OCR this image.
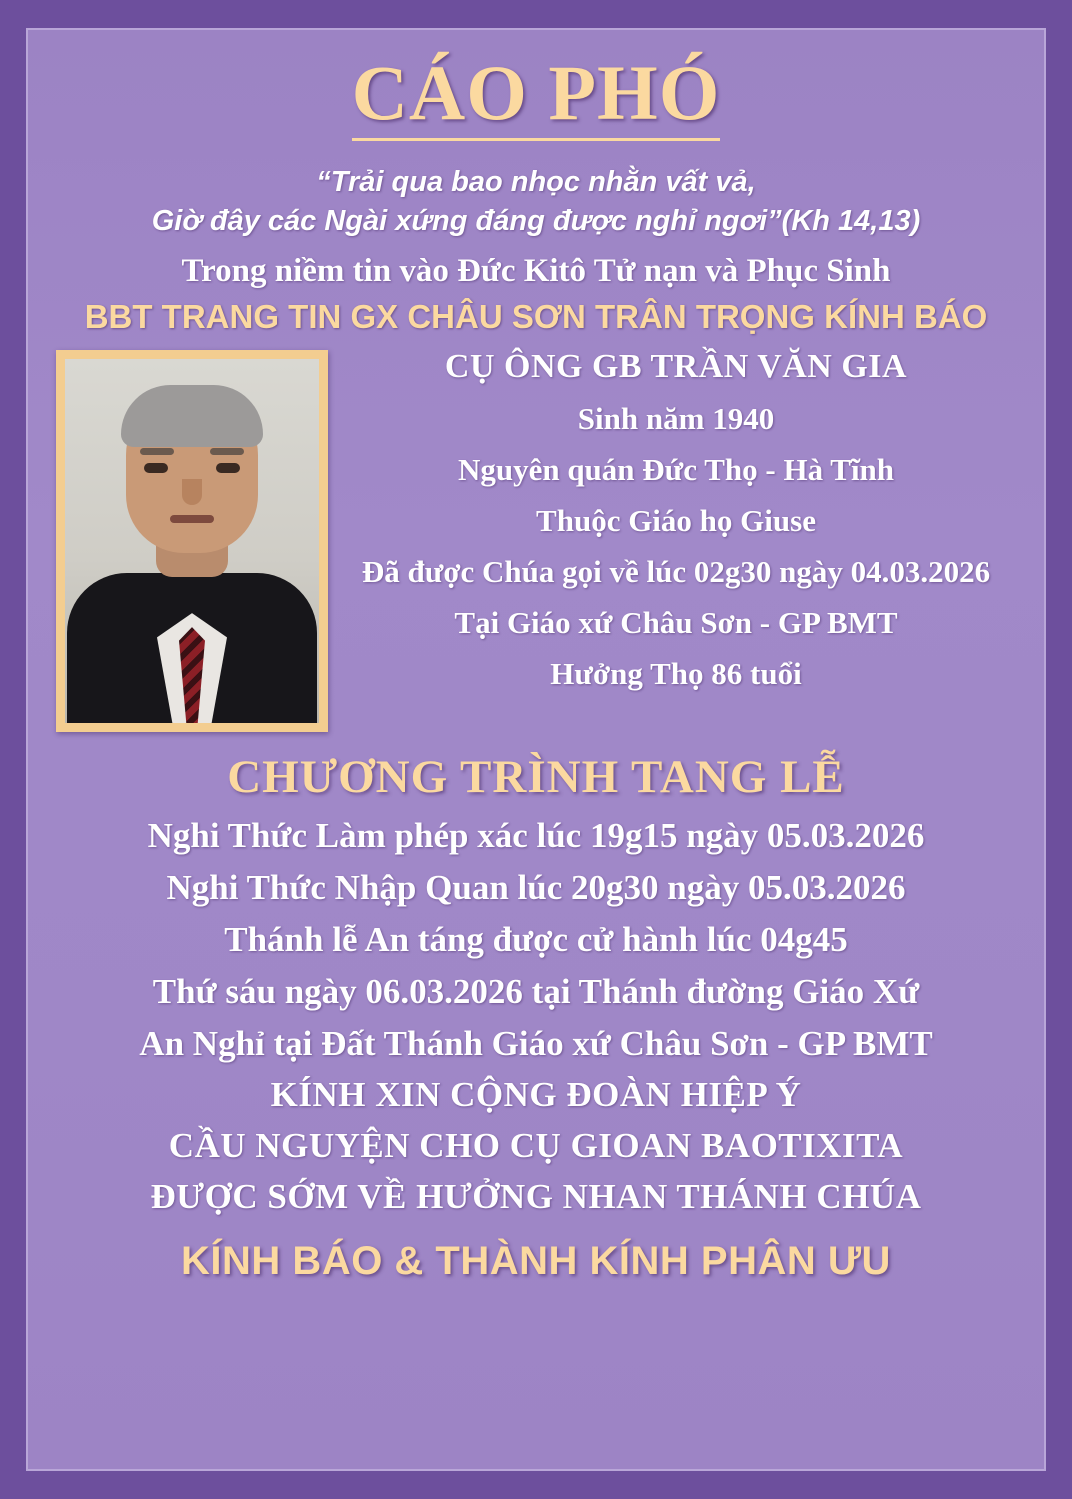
CÁO PHÓ
“Trải qua bao nhọc nhằn vất vả,
Giờ đây các Ngài xứng đáng được nghỉ ngơi”(Kh 14,13)
Trong niềm tin vào Đức Kitô Tử nạn và Phục Sinh
BBT TRANG TIN GX CHÂU SƠN TRÂN TRỌNG KÍNH BÁO
CỤ ÔNG GB TRẦN VĂN GIA
Sinh năm 1940
Nguyên quán Đức Thọ - Hà Tĩnh
Thuộc Giáo họ Giuse
Đã được Chúa gọi về lúc 02g30 ngày 04.03.2026
Tại Giáo xứ Châu Sơn - GP BMT
Hưởng Thọ 86 tuổi
CHƯƠNG TRÌNH TANG LỄ
Nghi Thức Làm phép xác lúc 19g15 ngày 05.03.2026
Nghi Thức Nhập Quan lúc 20g30 ngày 05.03.2026
Thánh lễ An táng được cử hành lúc 04g45
Thứ sáu ngày 06.03.2026 tại Thánh đường Giáo Xứ
An Nghỉ tại Đất Thánh Giáo xứ Châu Sơn - GP BMT
KÍNH XIN CỘNG ĐOÀN HIỆP Ý
CẦU NGUYỆN CHO CỤ GIOAN BAOTIXITA
ĐƯỢC SỚM VỀ HƯỞNG NHAN THÁNH CHÚA
KÍNH BÁO & THÀNH KÍNH PHÂN ƯU
